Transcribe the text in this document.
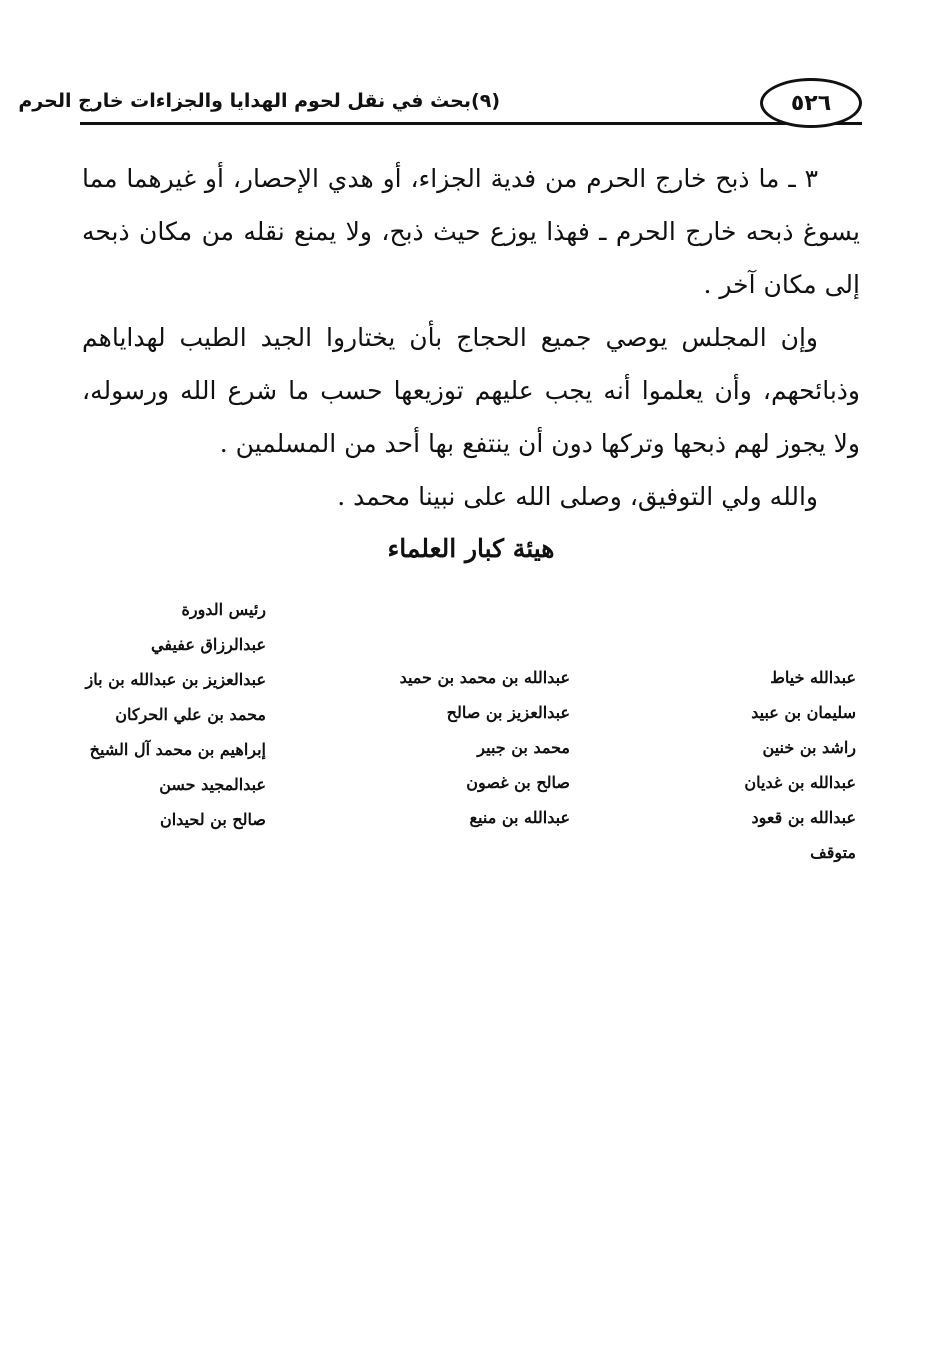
(٩)بحث في نقل لحوم الهدايا والجزاءات خارج الحرم	٥٢٦

٣ ـ ما ذبح خارج الحرم من فدية الجزاء، أو هدي الإحصار، أو غيرهما مما يسوغ ذبحه خارج الحرم ـ فهذا يوزع حيث ذبح، ولا يمنع نقله من مكان ذبحه إلى مكان آخر .

وإن المجلس يوصي جميع الحجاج بأن يختاروا الجيد الطيب لهداياهم وذبائحهم، وأن يعلموا أنه يجب عليهم توزيعها حسب ما شرع الله ورسوله، ولا يجوز لهم ذبحها وتركها دون أن ينتفع بها أحد من المسلمين .

والله ولي التوفيق، وصلى الله على نبينا محمد .

هيئة كبار العلماء
عبدالله خياط
سليمان بن عبيد
راشد بن خنين
عبدالله بن غديان
عبدالله بن قعود
متوقف
عبدالله بن محمد بن حميد
عبدالعزيز بن صالح
محمد بن جبير
صالح بن غصون
عبدالله بن منيع
رئيس الدورة
عبدالرزاق عفيفي
عبدالعزيز بن عبدالله بن باز
محمد بن علي الحركان
إبراهيم بن محمد آل الشيخ
عبدالمجيد حسن
صالح بن لحيدان
